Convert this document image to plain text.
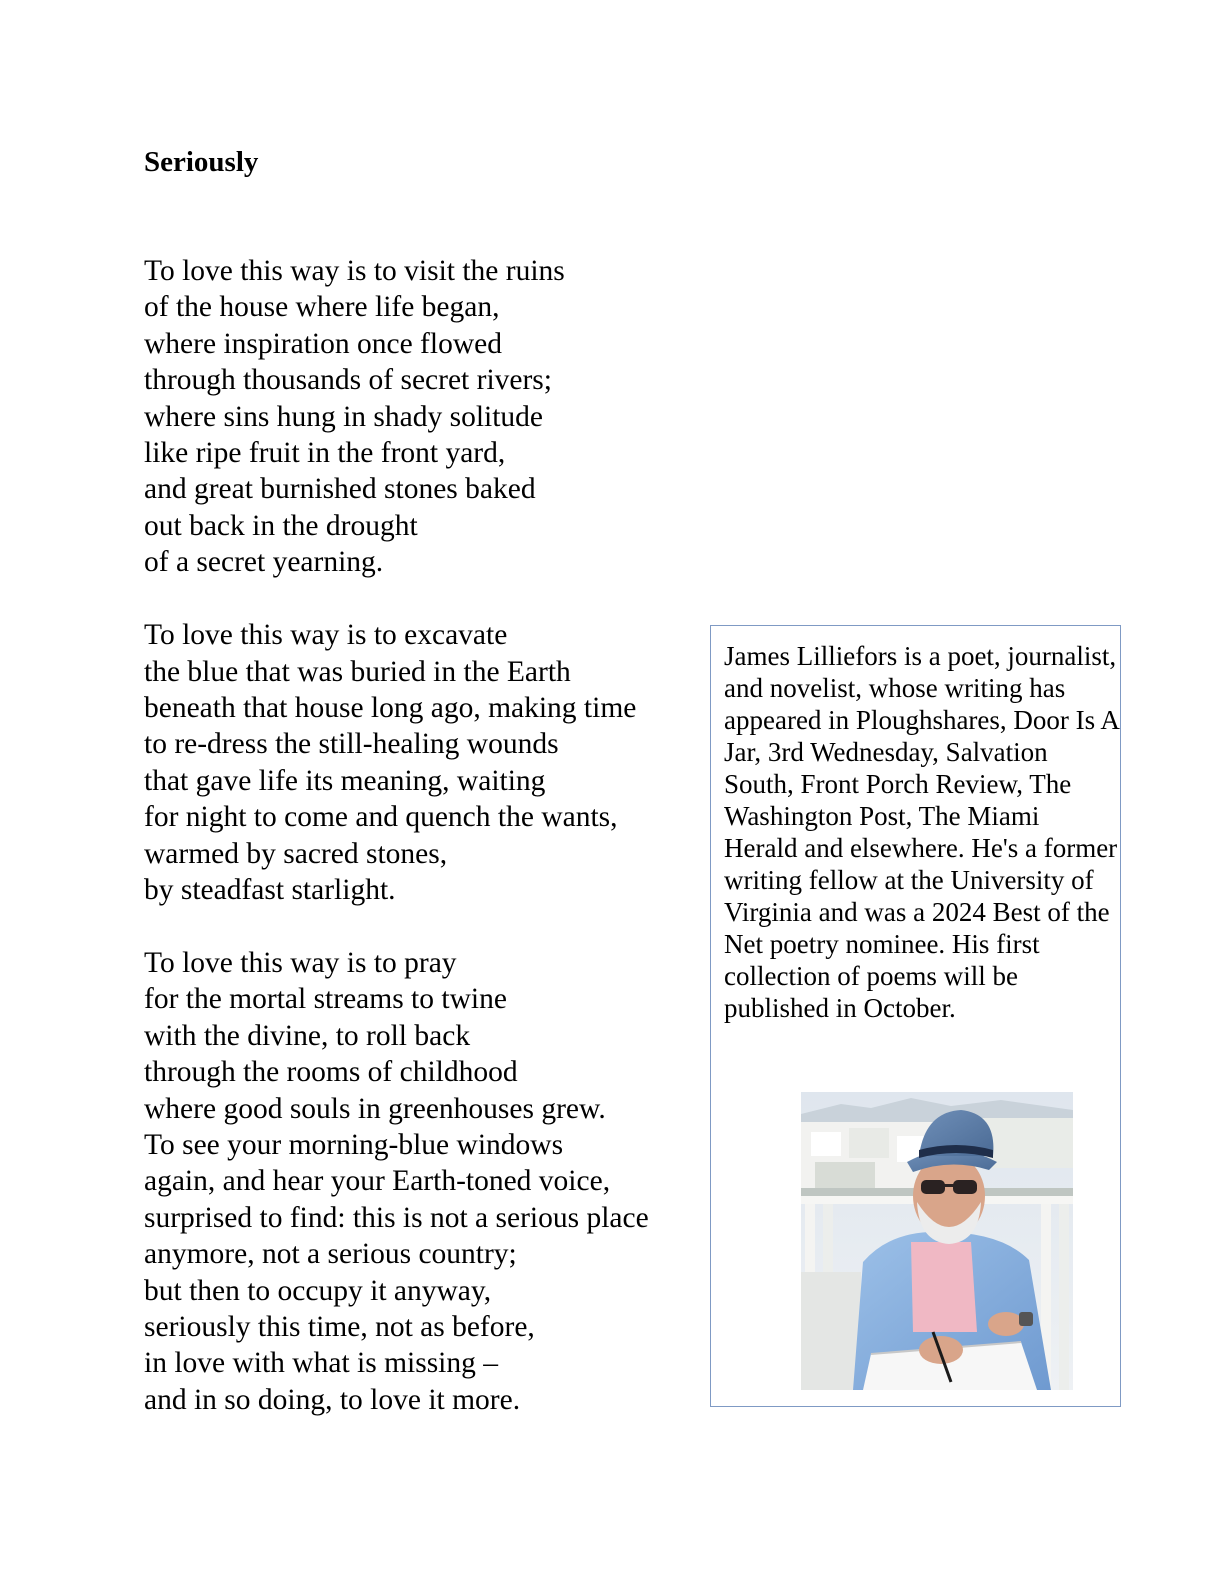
Seriously
To love this way is to visit the ruins
of the house where life began,
where inspiration once flowed
through thousands of secret rivers;
where sins hung in shady solitude
like ripe fruit in the front yard,
and great burnished stones baked
out back in the drought
of a secret yearning.
To love this way is to excavate
the blue that was buried in the Earth
beneath that house long ago, making time
to re-dress the still-healing wounds
that gave life its meaning, waiting
for night to come and quench the wants,
warmed by sacred stones,
by steadfast starlight.
To love this way is to pray
for the mortal streams to twine
with the divine, to roll back
through the rooms of childhood
where good souls in greenhouses grew.
To see your morning-blue windows
again, and hear your Earth-toned voice,
surprised to find: this is not a serious place
anymore, not a serious country;
but then to occupy it anyway,
seriously this time, not as before,
in love with what is missing –
and in so doing, to love it more.

James Lilliefors is a poet, journalist, and novelist, whose writing has appeared in Ploughshares, Door Is A Jar, 3rd Wednesday, Salvation South, Front Porch Review, The Washington Post, The Miami Herald and elsewhere. He's a former writing fellow at the University of Virginia and was a 2024 Best of the Net poetry nominee. His first collection of poems will be published in October.
